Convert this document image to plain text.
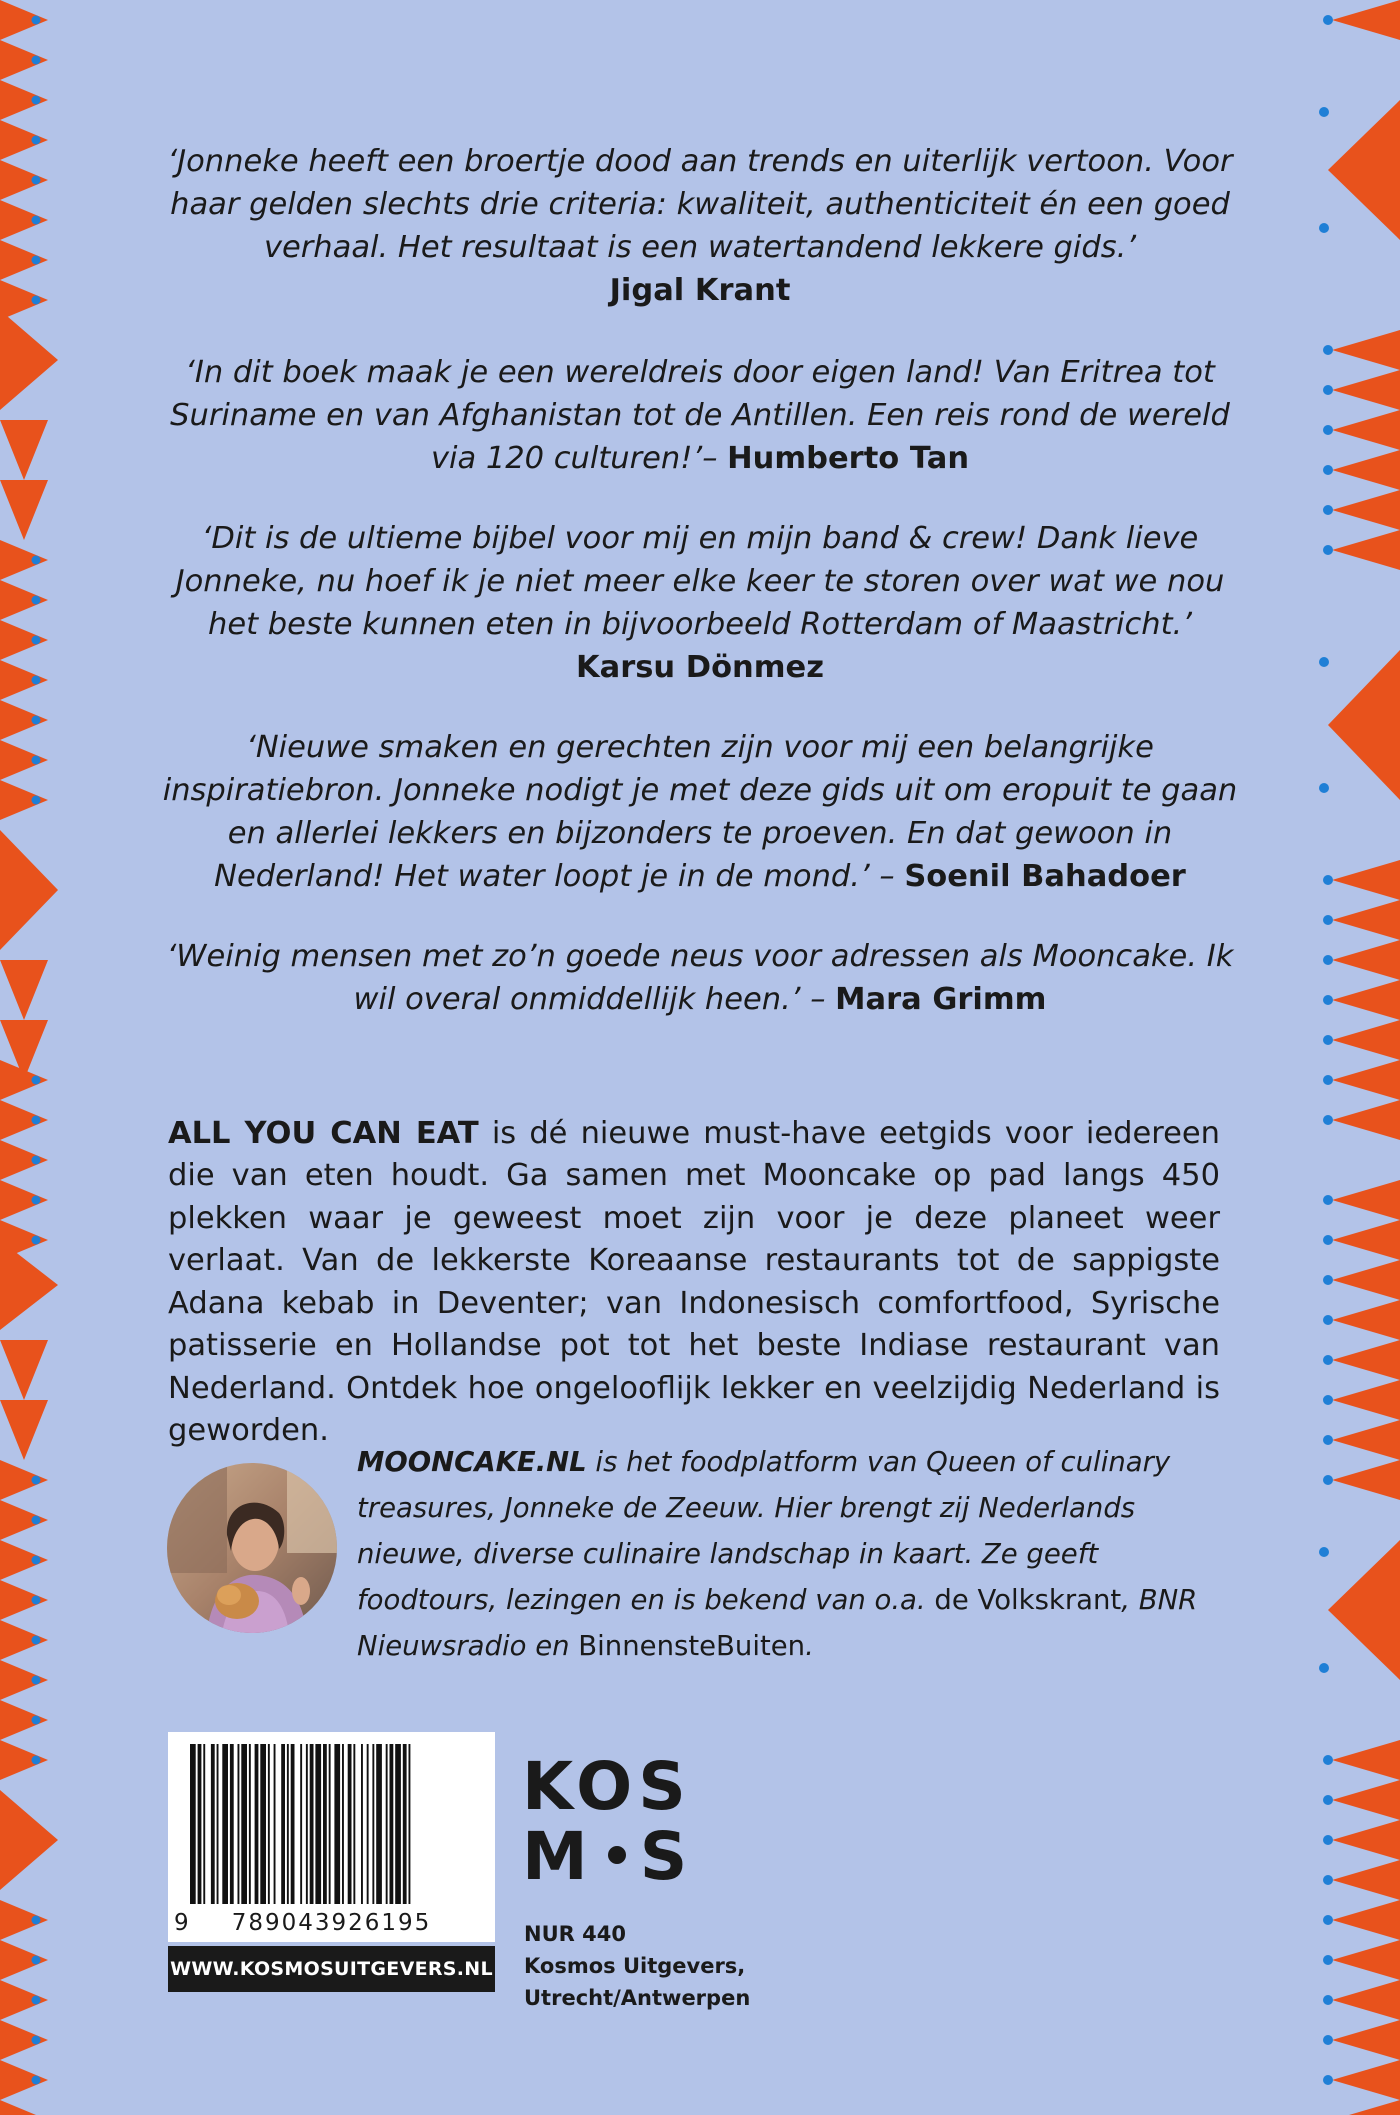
‘Jonneke heeft een broertje dood aan trends en uiterlijk vertoon. Voor haar gelden slechts drie criteria: kwaliteit, authenticiteit én een goed verhaal. Het resultaat is een watertandend lekkere gids.’
Jigal Krant

‘In dit boek maak je een wereldreis door eigen land! Van Eritrea tot Suriname en van Afghanistan tot de Antillen. Een reis rond de wereld via 120 culturen!’– Humberto Tan

‘Dit is de ultieme bijbel voor mij en mijn band & crew! Dank lieve Jonneke, nu hoef ik je niet meer elke keer te storen over wat we nou het beste kunnen eten in bijvoorbeeld Rotterdam of Maastricht.’
Karsu Dönmez

‘Nieuwe smaken en gerechten zijn voor mij een belangrijke inspiratiebron. Jonneke nodigt je met deze gids uit om eropuit te gaan en allerlei lekkers en bijzonders te proeven. En dat gewoon in Nederland! Het water loopt je in de mond.’ – Soenil Bahadoer

‘Weinig mensen met zo’n goede neus voor adressen als Mooncake. Ik wil overal onmiddellijk heen.’ – Mara Grimm

ALL YOU CAN EAT is dé nieuwe must-have eetgids voor iedereen die van eten houdt. Ga samen met Mooncake op pad langs 450 plekken waar je geweest moet zijn voor je deze planeet weer verlaat. Van de lekkerste Koreaanse restaurants tot de sappigste Adana kebab in Deventer; van Indonesisch comfortfood, Syrische patisserie en Hollandse pot tot het beste Indiase restaurant van Nederland. Ontdek hoe ongelooflijk lekker en veelzijdig Nederland is geworden.

MOONCAKE.NL is het foodplatform van Queen of culinary treasures, Jonneke de Zeeuw. Hier brengt zij Nederlands nieuwe, diverse culinaire landschap in kaart. Ze geeft foodtours, lezingen en is bekend van o.a. de Volkskrant, BNR Nieuwsradio en BinnensteBuiten.

9 789043926195
WWW.KOSMOSUITGEVERS.NL
KOS
M S
NUR 440
Kosmos Uitgevers,
Utrecht/Antwerpen
